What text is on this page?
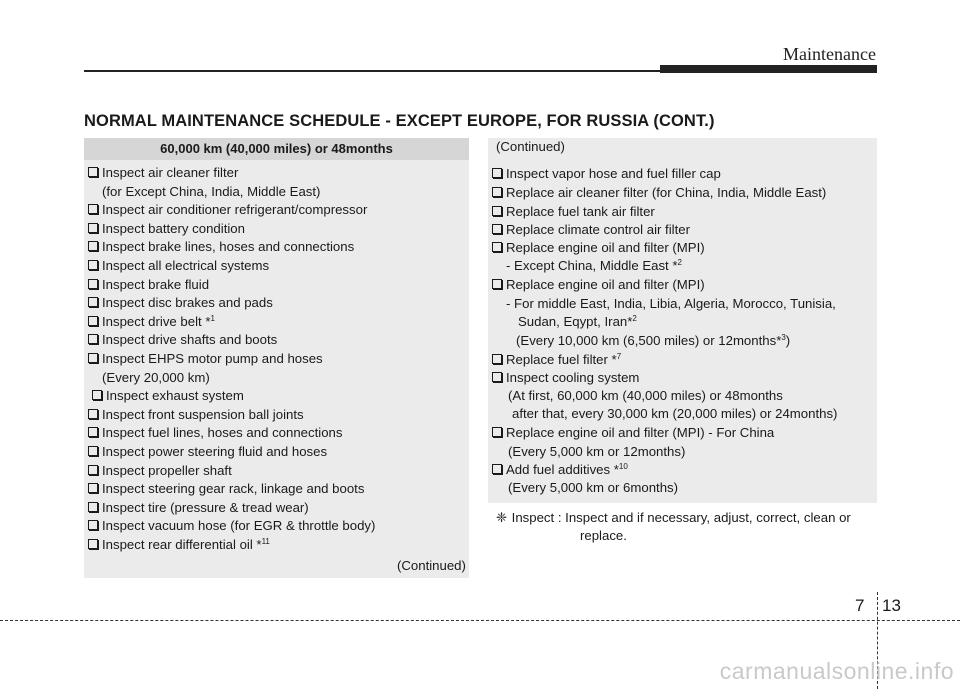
Maintenance
NORMAL MAINTENANCE SCHEDULE - EXCEPT EUROPE, FOR RUSSIA (CONT.)
60,000 km (40,000 miles) or 48months
Inspect air cleaner filter
(for Except China, India, Middle East)
Inspect air conditioner refrigerant/compressor
Inspect battery condition
Inspect brake lines, hoses and connections
Inspect all electrical systems
Inspect brake fluid
Inspect disc brakes and pads
Inspect drive belt *$^1$
Inspect drive shafts and boots
Inspect EHPS motor pump and hoses
(Every 20,000 km)
Inspect exhaust system
Inspect front suspension ball joints
Inspect fuel lines, hoses and connections
Inspect power steering fluid and hoses
Inspect propeller shaft
Inspect steering gear rack, linkage and boots
Inspect tire (pressure & tread wear)
Inspect vacuum hose (for EGR & throttle body)
Inspect rear differential oil *$^{11}$
(Continued)
(Continued)
Inspect vapor hose and fuel filler cap
Replace air cleaner filter (for China, India, Middle East)
Replace fuel tank air filter
Replace climate control air filter
Replace engine oil and filter (MPI)
- Except China, Middle East *$^2$
Replace engine oil and filter (MPI)
- For middle East, India, Libia, Algeria, Morocco, Tunisia,
Sudan, Eqypt, Iran*$^2$
(Every 10,000 km (6,500 miles) or 12months*$^3$)
Replace fuel filter *$^7$
Inspect cooling system
(At first, 60,000 km (40,000 miles) or 48months
after that, every 30,000 km (20,000 miles) or 24months)
Replace engine oil and filter (MPI) - For China
(Every 5,000 km or 12months)
Add fuel additives *$^{10}$
(Every 5,000 km or 6months)
❈ Inspect : Inspect and if necessary, adjust, correct, clean or
replace.
7 13
carmanualsonline.info
